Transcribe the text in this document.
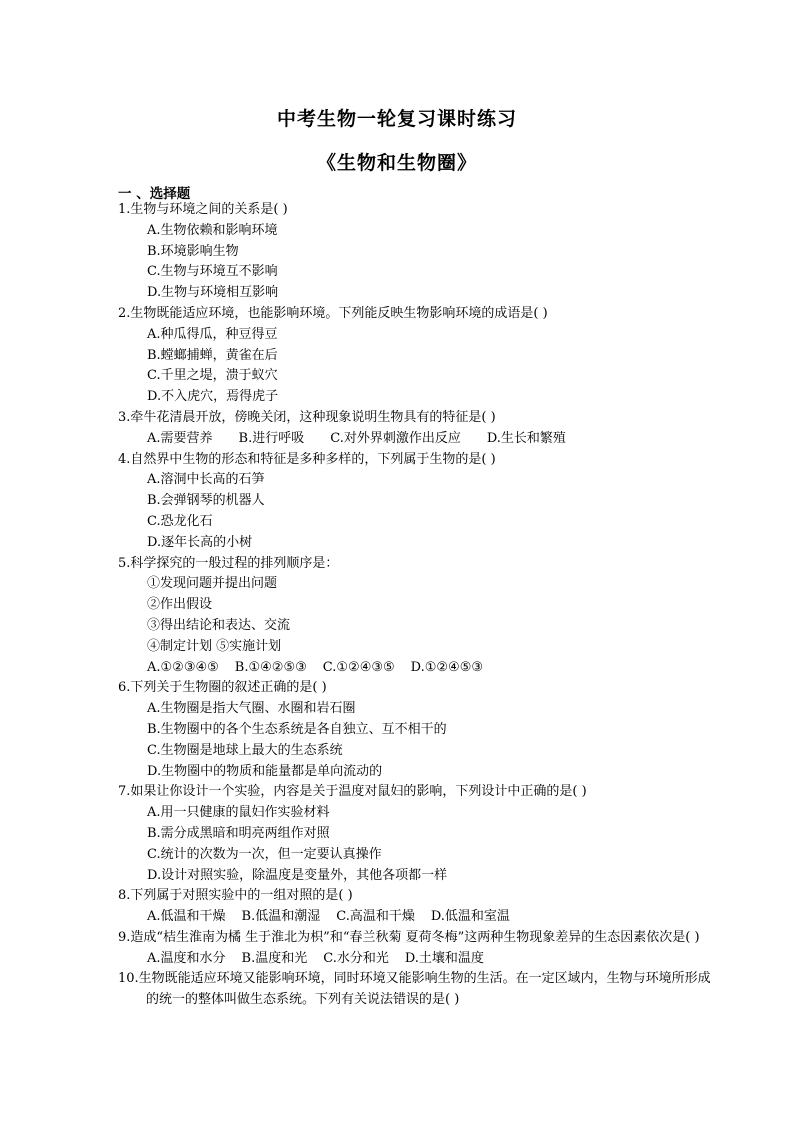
中考生物一轮复习课时练习
《生物和生物圈》
一 、选择题
1.生物与环境之间的关系是( )
A.生物依赖和影响环境
B.环境影响生物
C.生物与环境互不影响
D.生物与环境相互影响
2.生物既能适应环境，也能影响环境。下列能反映生物影响环境的成语是( )
A.种瓜得瓜，种豆得豆
B.螳螂捕蝉，黄雀在后
C.千里之堤，溃于蚁穴
D.不入虎穴，焉得虎子
3.牵牛花清晨开放，傍晚关闭，这种现象说明生物具有的特征是( )
A.需要营养 B.进行呼吸 C.对外界刺激作出反应 D.生长和繁殖
4.自然界中生物的形态和特征是多种多样的，下列属于生物的是( )
A.溶洞中长高的石笋
B.会弹钢琴的机器人
C.恐龙化石
D.逐年长高的小树
5.科学探究的一般过程的排列顺序是：
①发现问题并提出问题
②作出假设
③得出结论和表达、交流
④制定计划 ⑤实施计划
A.①②③④⑤ B.①④②⑤③ C.①②④③⑤ D.①②④⑤③
6.下列关于生物圈的叙述正确的是( )
A.生物圈是指大气圈、水圈和岩石圈
B.生物圈中的各个生态系统是各自独立、互不相干的
C.生物圈是地球上最大的生态系统
D.生物圈中的物质和能量都是单向流动的
7.如果让你设计一个实验，内容是关于温度对鼠妇的影响，下列设计中正确的是( )
A.用一只健康的鼠妇作实验材料
B.需分成黑暗和明亮两组作对照
C.统计的次数为一次，但一定要认真操作
D.设计对照实验，除温度是变量外，其他各项都一样
8.下列属于对照实验中的一组对照的是( )
A.低温和干燥 B.低温和潮湿 C.高温和干燥 D.低温和室温
9.造成“桔生淮南为橘 生于淮北为枳”和“春兰秋菊 夏荷冬梅”这两种生物现象差异的生态因素依次是( )
A.温度和水分 B.温度和光 C.水分和光 D.土壤和温度
10.生物既能适应环境又能影响环境，同时环境又能影响生物的生活。在一定区域内，生物与环境所形成的统一的整体叫做生态系统。下列有关说法错误的是( )
